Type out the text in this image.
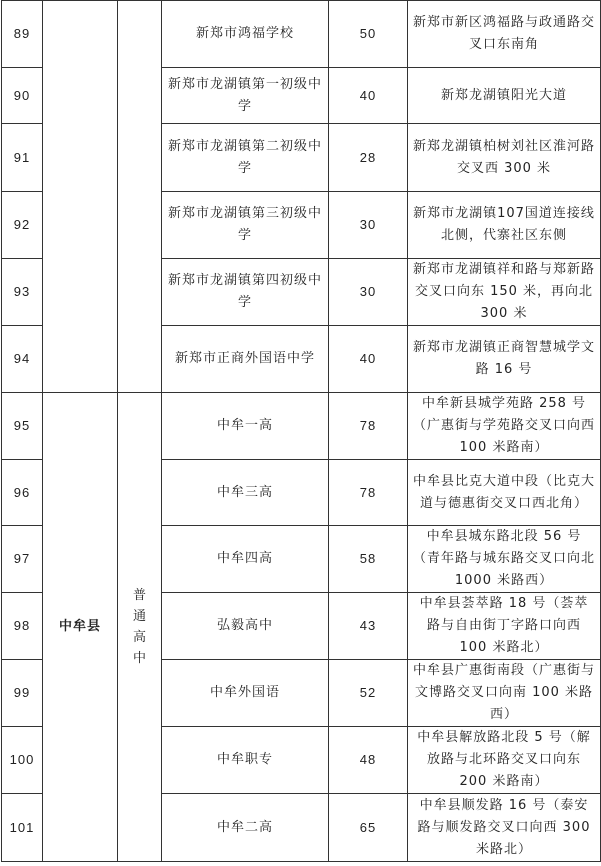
89			新郑市鸿福学校	50	新郑市新区鸿福路与政通路交叉口东南角
90			新郑市龙湖镇第一初级中学	40	新郑龙湖镇阳光大道
91			新郑市龙湖镇第二初级中学	28	新郑龙湖镇柏树刘社区淮河路交叉西 300 米
92			新郑市龙湖镇第三初级中学	30	新郑市龙湖镇107国道连接线北侧，代寨社区东侧
93			新郑市龙湖镇第四初级中学	30	新郑市龙湖镇祥和路与郑新路交叉口向东 150 米，再向北 300 米
94			新郑市正商外国语中学	40	新郑市龙湖镇正商智慧城学文路 16 号
95	中牟县	普通高中	中牟一高	78	中牟新县城学苑路 258 号（广惠街与学苑路交叉口向西 100 米路南）
96			中牟三高	78	中牟县比克大道中段（比克大道与德惠街交叉口西北角）
97			中牟四高	58	中牟县城东路北段 56 号（青年路与城东路交叉口向北 1000 米路西）
98			弘毅高中	43	中牟县荟萃路 18 号（荟萃路与自由街丁字路口向西 100 米路北）
99			中牟外国语	52	中牟县广惠街南段（广惠街与文博路交叉口向南 100 米路西）
100			中牟职专	48	中牟县解放路北段 5 号（解放路与北环路交叉口向东 200 米路南）
101			中牟二高	65	中牟县顺发路 16 号（泰安路与顺发路交叉口向西 300 米路北）
